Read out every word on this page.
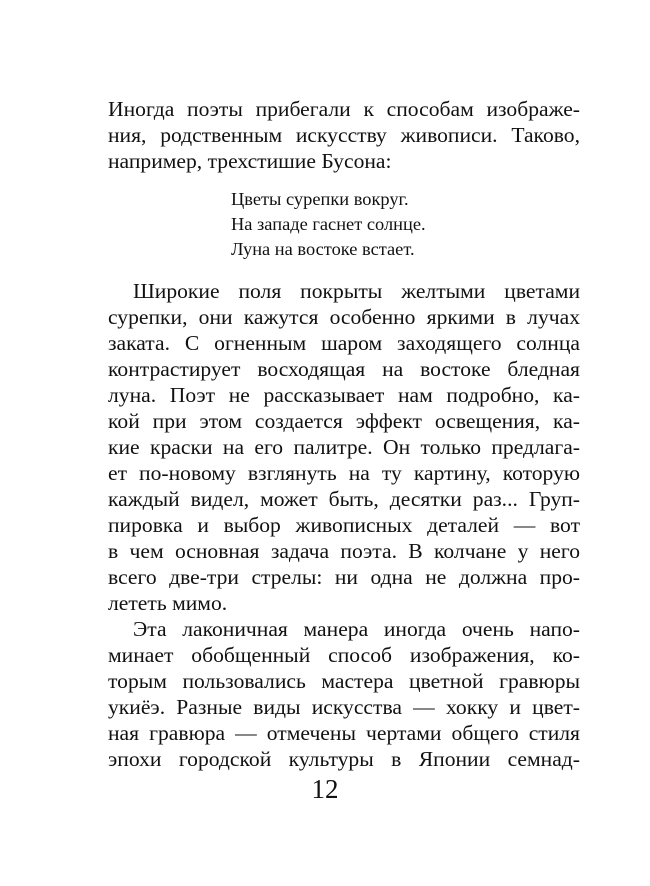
Иногда поэты прибегали к способам изображе-
ния, родственным искусству живописи. Таково,
например, трехстишие Бусона:
Цветы сурепки вокруг.
На западе гаснет солнце.
Луна на востоке встает.
Широкие поля покрыты желтыми цветами
сурепки, они кажутся особенно яркими в лучах
заката. С огненным шаром заходящего солнца
контрастирует восходящая на востоке бледная
луна. Поэт не рассказывает нам подробно, ка-
кой при этом создается эффект освещения, ка-
кие краски на его палитре. Он только предлага-
ет по-новому взглянуть на ту картину, которую
каждый видел, может быть, десятки раз... Груп-
пировка и выбор живописных деталей — вот
в чем основная задача поэта. В колчане у него
всего две-три стрелы: ни одна не должна про-
лететь мимо.
Эта лаконичная манера иногда очень напо-
минает обобщенный способ изображения, ко-
торым пользовались мастера цветной гравюры
укиёэ. Разные виды искусства — хокку и цвет-
ная гравюра — отмечены чертами общего стиля
эпохи городской культуры в Японии семнад-
12
